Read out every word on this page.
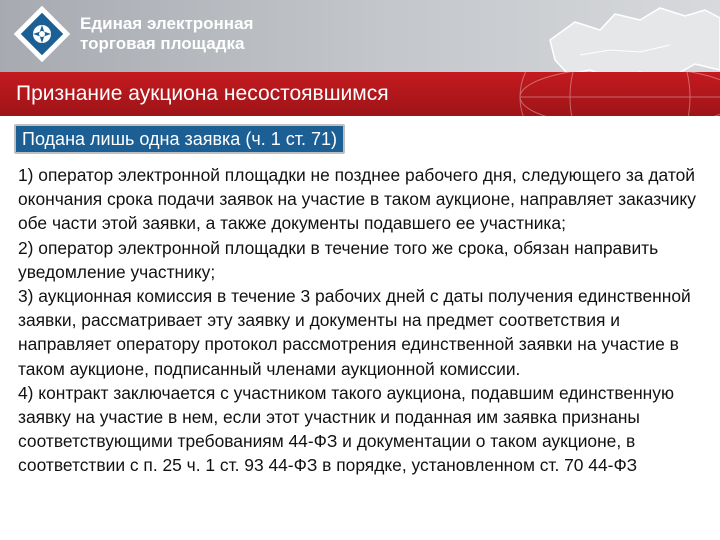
Единая электронная
торговая площадка
Признание аукциона несостоявшимся
Подана лишь одна заявка (ч. 1 ст. 71)

1) оператор электронной площадки не позднее рабочего дня, следующего за датой окончания срока подачи заявок на участие в таком аукционе, направляет заказчику обе части этой заявки, а также документы подавшего ее участника;

2) оператор электронной площадки в течение того же срока, обязан направить уведомление участнику;

3) аукционная комиссия в течение 3 рабочих дней с даты получения единственной заявки, рассматривает эту заявку и документы на предмет соответствия и направляет оператору протокол рассмотрения единственной заявки на участие в таком аукционе, подписанный членами аукционной комиссии.

4) контракт заключается с участником такого аукциона, подавшим единственную заявку на участие в нем, если этот участник и поданная им заявка признаны соответствующими требованиям 44-ФЗ и документации о таком аукционе, в соответствии с п. 25 ч. 1 ст. 93 44-ФЗ в порядке, установленном ст. 70 44-ФЗ
